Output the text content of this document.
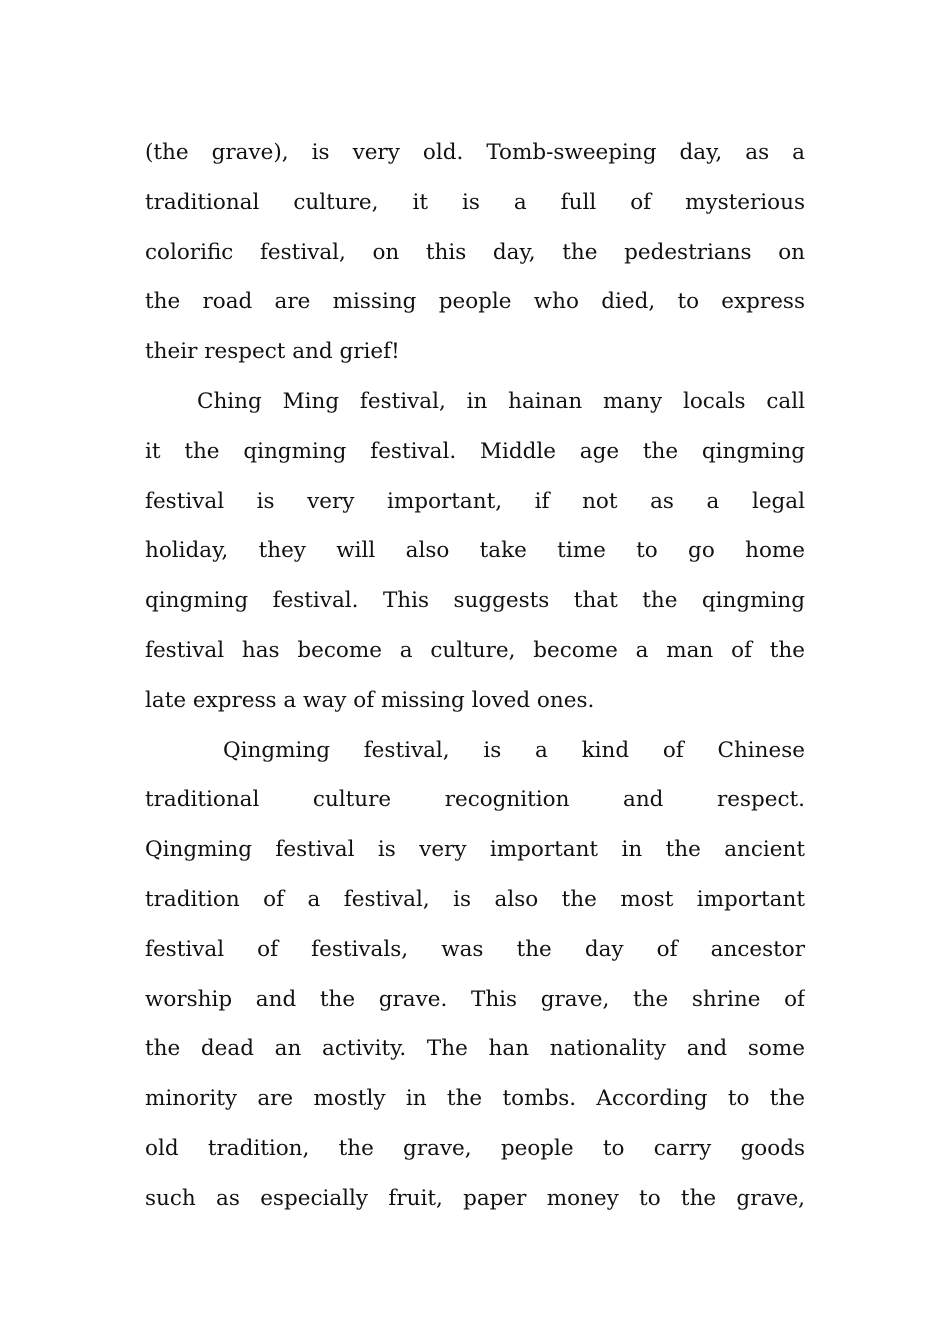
(the grave), is very old. Tomb-sweeping day, as a
traditional culture, it is a full of mysterious
colorific festival, on this day, the pedestrians on
the road are missing people who died, to express
their respect and grief!
Ching Ming festival, in hainan many locals call
it the qingming festival. Middle age the qingming
festival is very important, if not as a legal
holiday, they will also take time to go home
qingming festival. This suggests that the qingming
festival has become a culture, become a man of the
late express a way of missing loved ones.
Qingming festival, is a kind of Chinese
traditional culture recognition and respect.
Qingming festival is very important in the ancient
tradition of a festival, is also the most important
festival of festivals, was the day of ancestor
worship and the grave. This grave, the shrine of
the dead an activity. The han nationality and some
minority are mostly in the tombs. According to the
old tradition, the grave, people to carry goods
such as especially fruit, paper money to the grave,
